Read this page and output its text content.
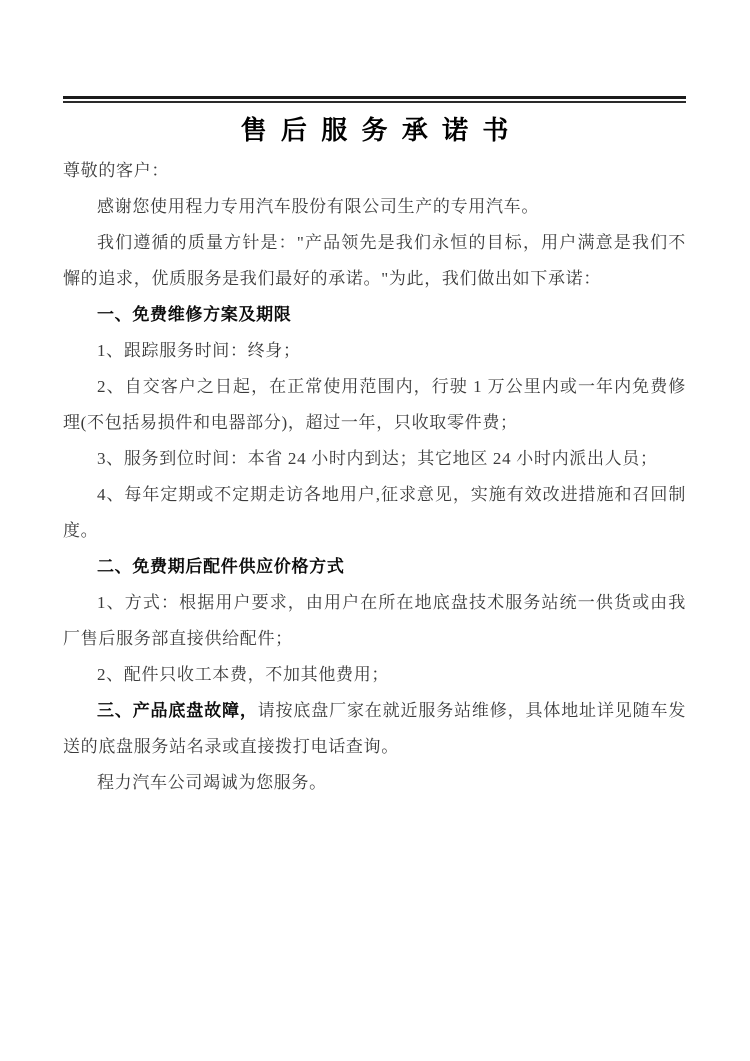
售后服务承诺书

尊敬的客户：

感谢您使用程力专用汽车股份有限公司生产的专用汽车。

我们遵循的质量方针是："产品领先是我们永恒的目标，用户满意是我们不懈的追求，优质服务是我们最好的承诺。"为此，我们做出如下承诺：

一、免费维修方案及期限

1、跟踪服务时间：终身；

2、自交客户之日起，在正常使用范围内，行驶 1 万公里内或一年内免费修理(不包括易损件和电器部分)，超过一年，只收取零件费；

3、服务到位时间：本省 24 小时内到达；其它地区 24 小时内派出人员；

4、每年定期或不定期走访各地用户,征求意见，实施有效改进措施和召回制度。

二、免费期后配件供应价格方式

1、方式：根据用户要求，由用户在所在地底盘技术服务站统一供货或由我厂售后服务部直接供给配件；

2、配件只收工本费，不加其他费用；

三、产品底盘故障，请按底盘厂家在就近服务站维修，具体地址详见随车发送的底盘服务站名录或直接拨打电话查询。

程力汽车公司竭诚为您服务。
